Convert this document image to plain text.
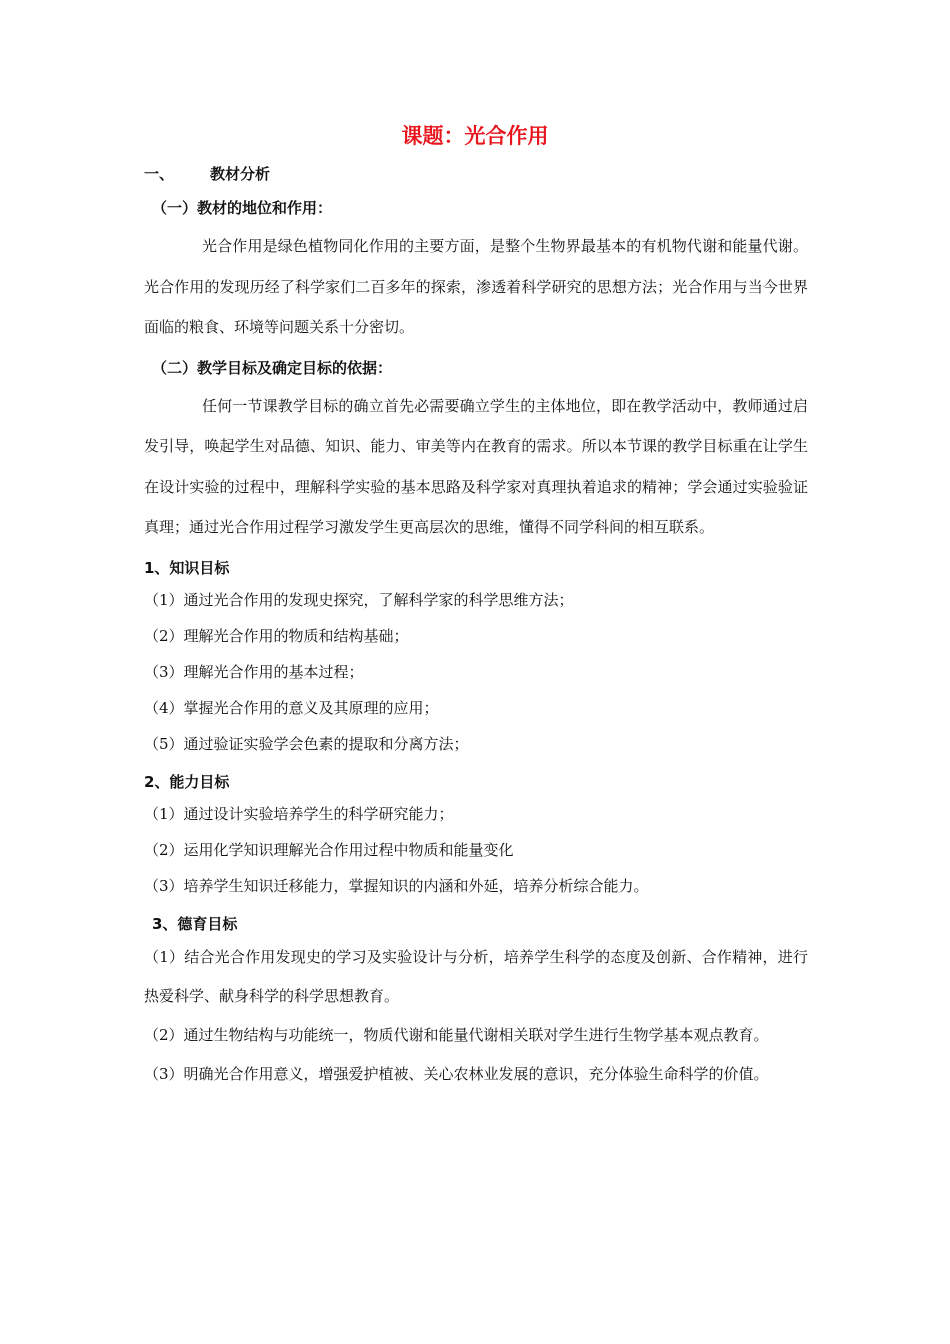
课题：光合作用
一、 教材分析
（一）教材的地位和作用：
光合作用是绿色植物同化作用的主要方面，是整个生物界最基本的有机物代谢和能量代谢。光合作用的发现历经了科学家们二百多年的探索，渗透着科学研究的思想方法；光合作用与当今世界面临的粮食、环境等问题关系十分密切。
（二）教学目标及确定目标的依据：
任何一节课教学目标的确立首先必需要确立学生的主体地位，即在教学活动中，教师通过启发引导，唤起学生对品德、知识、能力、审美等内在教育的需求。所以本节课的教学目标重在让学生在设计实验的过程中，理解科学实验的基本思路及科学家对真理执着追求的精神；学会通过实验验证真理；通过光合作用过程学习激发学生更高层次的思维，懂得不同学科间的相互联系。
1、知识目标
（1）通过光合作用的发现史探究，了解科学家的科学思维方法；
（2）理解光合作用的物质和结构基础；
（3）理解光合作用的基本过程；
（4）掌握光合作用的意义及其原理的应用；
（5）通过验证实验学会色素的提取和分离方法；
2、能力目标
（1）通过设计实验培养学生的科学研究能力；
（2）运用化学知识理解光合作用过程中物质和能量变化
（3）培养学生知识迁移能力，掌握知识的内涵和外延，培养分析综合能力。
3、德育目标
（1）结合光合作用发现史的学习及实验设计与分析，培养学生科学的态度及创新、合作精神，进行热爱科学、献身科学的科学思想教育。
（2）通过生物结构与功能统一，物质代谢和能量代谢相关联对学生进行生物学基本观点教育。
（3）明确光合作用意义，增强爱护植被、关心农林业发展的意识，充分体验生命科学的价值。
